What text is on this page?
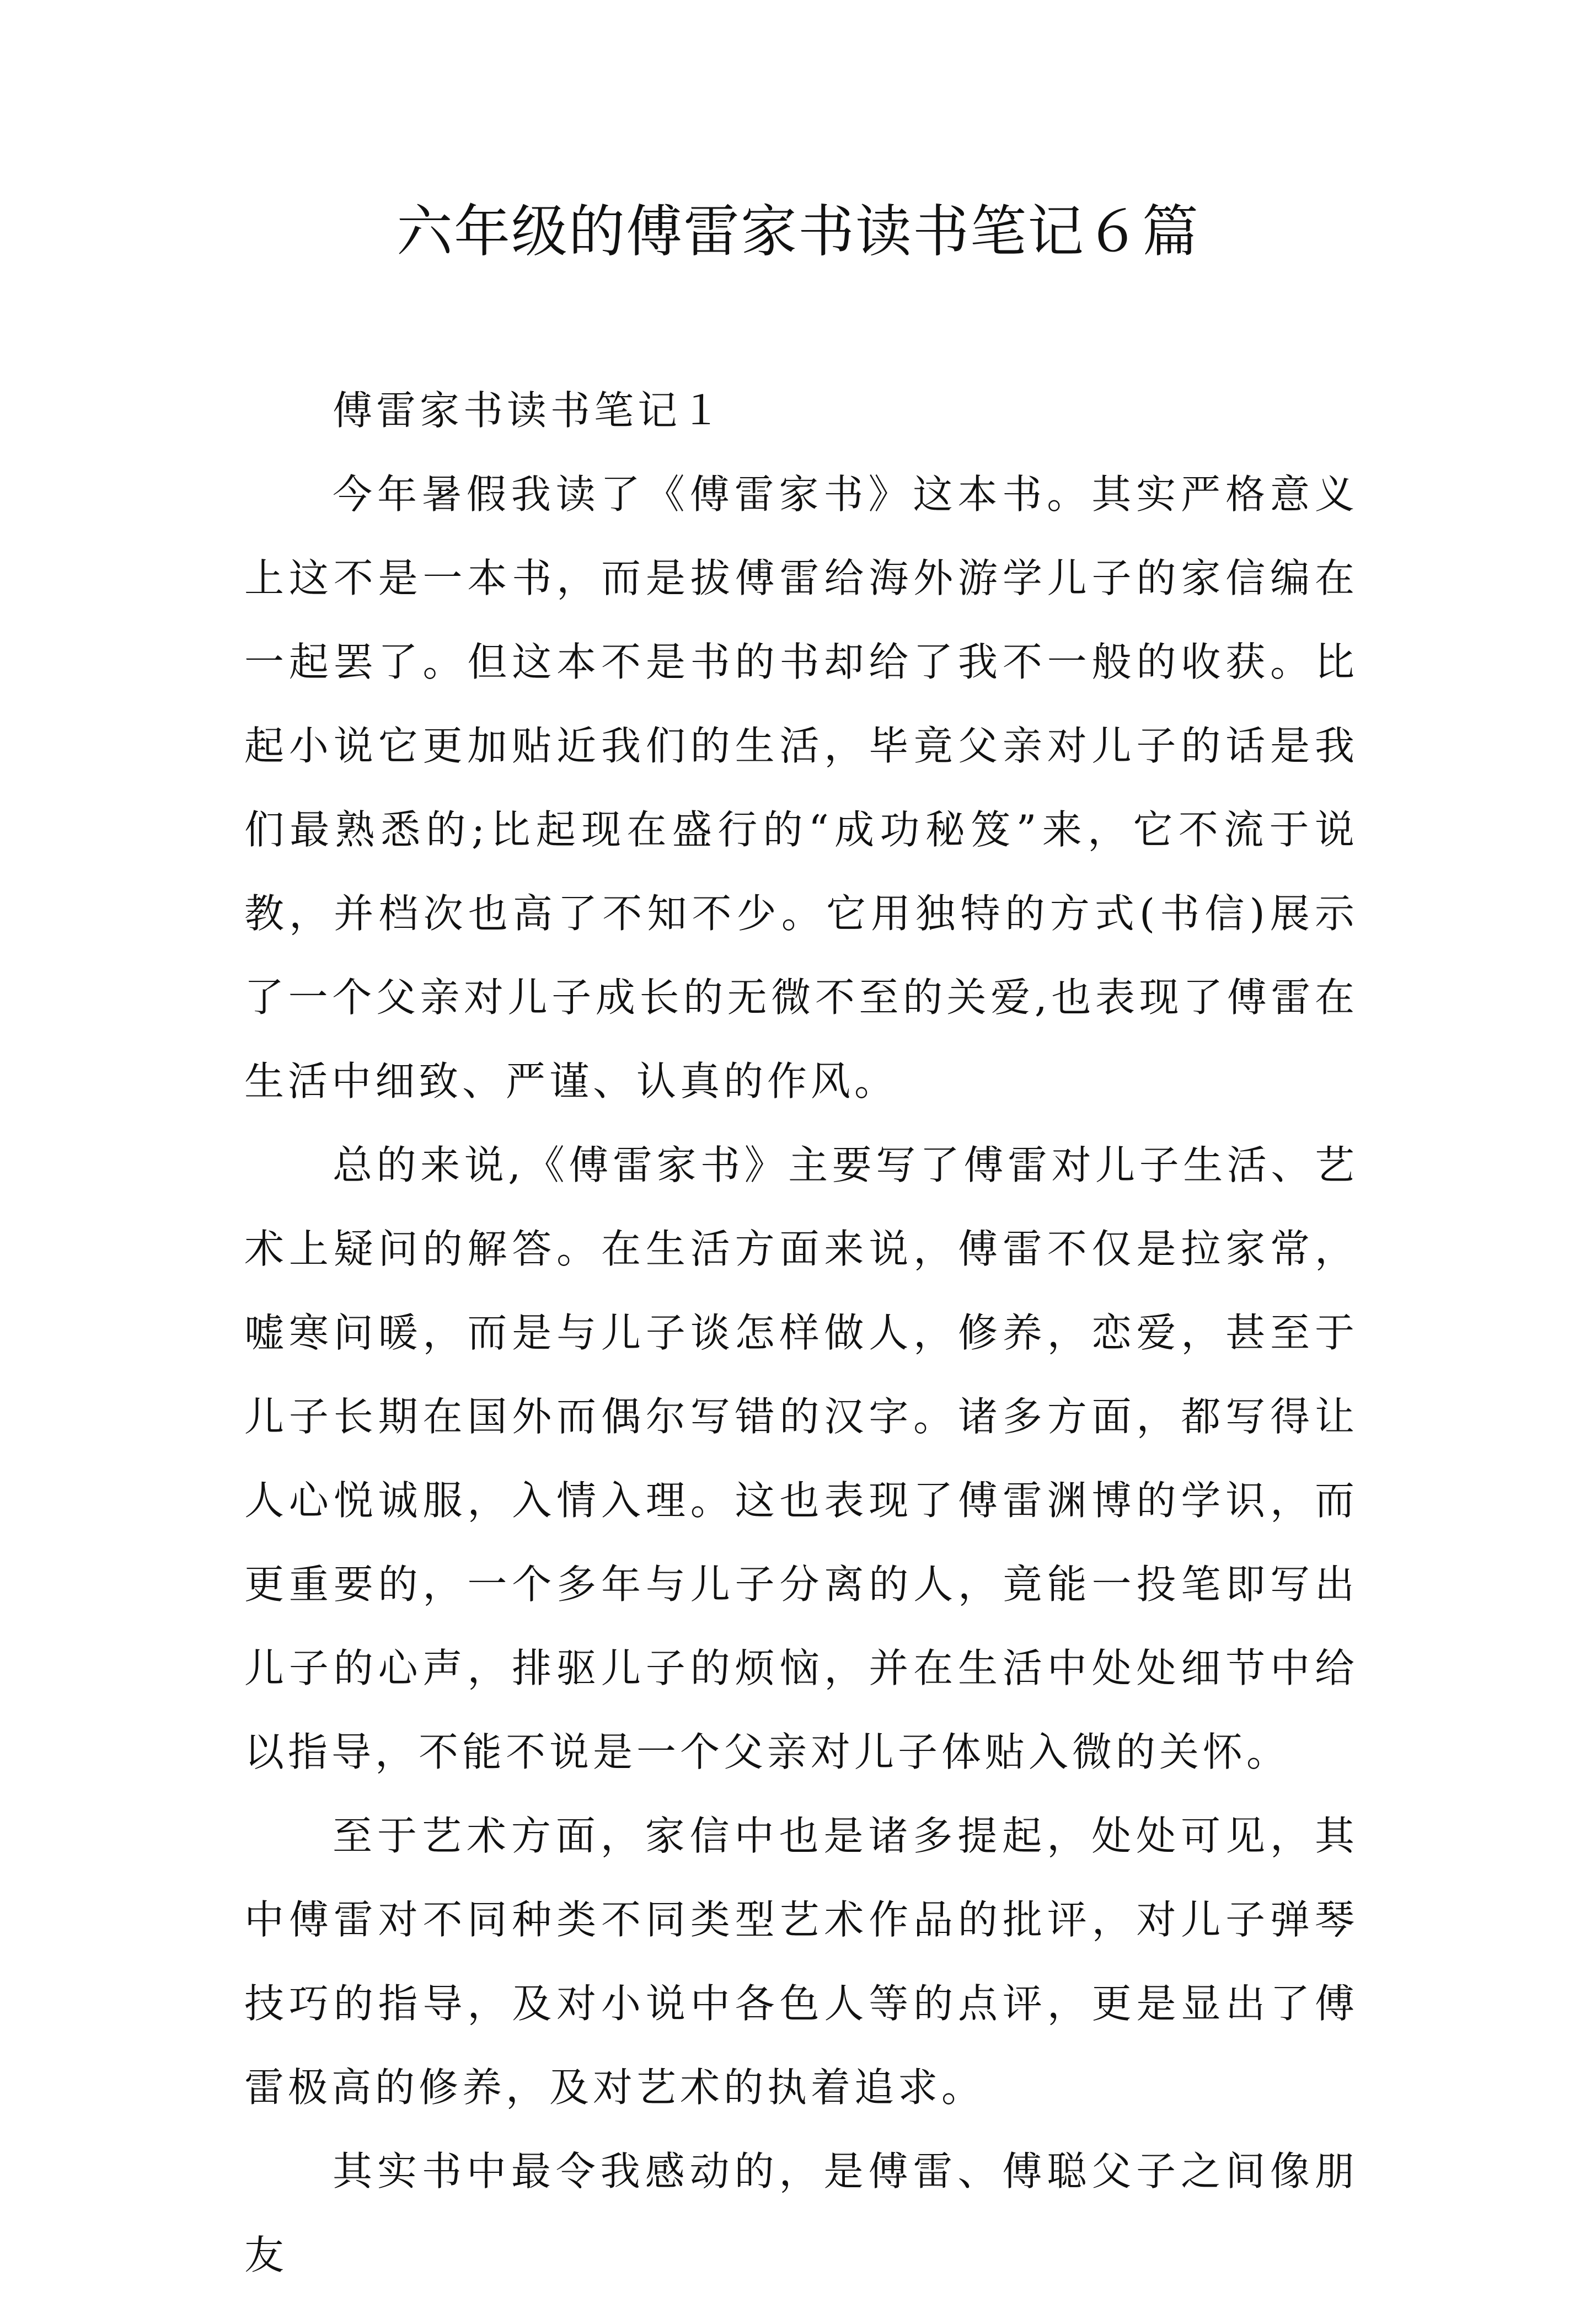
六年级的傅雷家书读书笔记６篇

傅雷家书读书笔记１

今年暑假我读了《傅雷家书》这本书。其实严格意义上这不是一本书，而是拔傅雷给海外游学儿子的家信编在一起罢了。但这本不是书的书却给了我不一般的收获。比起小说它更加贴近我们的生活，毕竟父亲对儿子的话是我们最熟悉的;比起现在盛行的“成功秘笈”来，它不流于说教，并档次也高了不知不少。它用独特的方式(书信)展示了一个父亲对儿子成长的无微不至的关爱,也表现了傅雷在生活中细致、严谨、认真的作风。

总的来说,《傅雷家书》主要写了傅雷对儿子生活、艺术上疑问的解答。在生活方面来说，傅雷不仅是拉家常，嘘寒问暖，而是与儿子谈怎样做人，修养，恋爱，甚至于儿子长期在国外而偶尔写错的汉字。诸多方面，都写得让人心悦诚服，入情入理。这也表现了傅雷渊博的学识，而更重要的，一个多年与儿子分离的人，竟能一投笔即写出儿子的心声，排驱儿子的烦恼，并在生活中处处细节中给以指导，不能不说是一个父亲对儿子体贴入微的关怀。

至于艺术方面，家信中也是诸多提起，处处可见，其中傅雷对不同种类不同类型艺术作品的批评，对儿子弹琴技巧的指导，及对小说中各色人等的点评，更是显出了傅雷极高的修养，及对艺术的执着追求。

其实书中最令我感动的，是傅雷、傅聪父子之间像朋友
